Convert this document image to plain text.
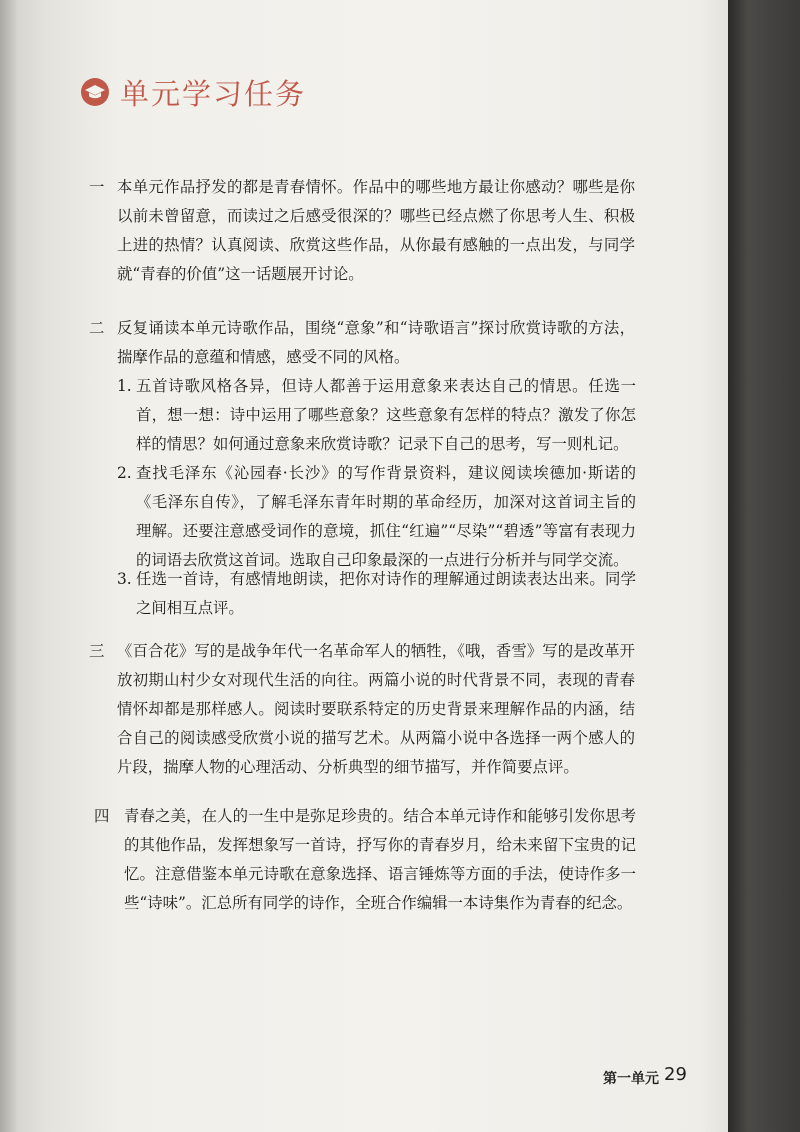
单元学习任务
一 本单元作品抒发的都是青春情怀。作品中的哪些地方最让你感动？哪些是你以前未曾留意，而读过之后感受很深的？哪些已经点燃了你思考人生、积极上进的热情？认真阅读、欣赏这些作品，从你最有感触的一点出发，与同学就“青春的价值”这一话题展开讨论。
二 反复诵读本单元诗歌作品，围绕“意象”和“诗歌语言”探讨欣赏诗歌的方法，揣摩作品的意蕴和情感，感受不同的风格。
1. 五首诗歌风格各异，但诗人都善于运用意象来表达自己的情思。任选一首，想一想：诗中运用了哪些意象？这些意象有怎样的特点？激发了你怎样的情思？如何通过意象来欣赏诗歌？记录下自己的思考，写一则札记。
2. 查找毛泽东《沁园春·长沙》的写作背景资料，建议阅读埃德加·斯诺的《毛泽东自传》，了解毛泽东青年时期的革命经历，加深对这首词主旨的理解。还要注意感受词作的意境，抓住“红遍”“尽染”“碧透”等富有表现力的词语去欣赏这首词。选取自己印象最深的一点进行分析并与同学交流。
3. 任选一首诗，有感情地朗读，把你对诗作的理解通过朗读表达出来。同学之间相互点评。
三 《百合花》写的是战争年代一名革命军人的牺牲，《哦，香雪》写的是改革开放初期山村少女对现代生活的向往。两篇小说的时代背景不同，表现的青春情怀却都是那样感人。阅读时要联系特定的历史背景来理解作品的内涵，结合自己的阅读感受欣赏小说的描写艺术。从两篇小说中各选择一两个感人的片段，揣摩人物的心理活动、分析典型的细节描写，并作简要点评。
四 青春之美，在人的一生中是弥足珍贵的。结合本单元诗作和能够引发你思考的其他作品，发挥想象写一首诗，抒写你的青春岁月，给未来留下宝贵的记忆。注意借鉴本单元诗歌在意象选择、语言锤炼等方面的手法，使诗作多一些“诗味”。汇总所有同学的诗作，全班合作编辑一本诗集作为青春的纪念。
第一单元 29
